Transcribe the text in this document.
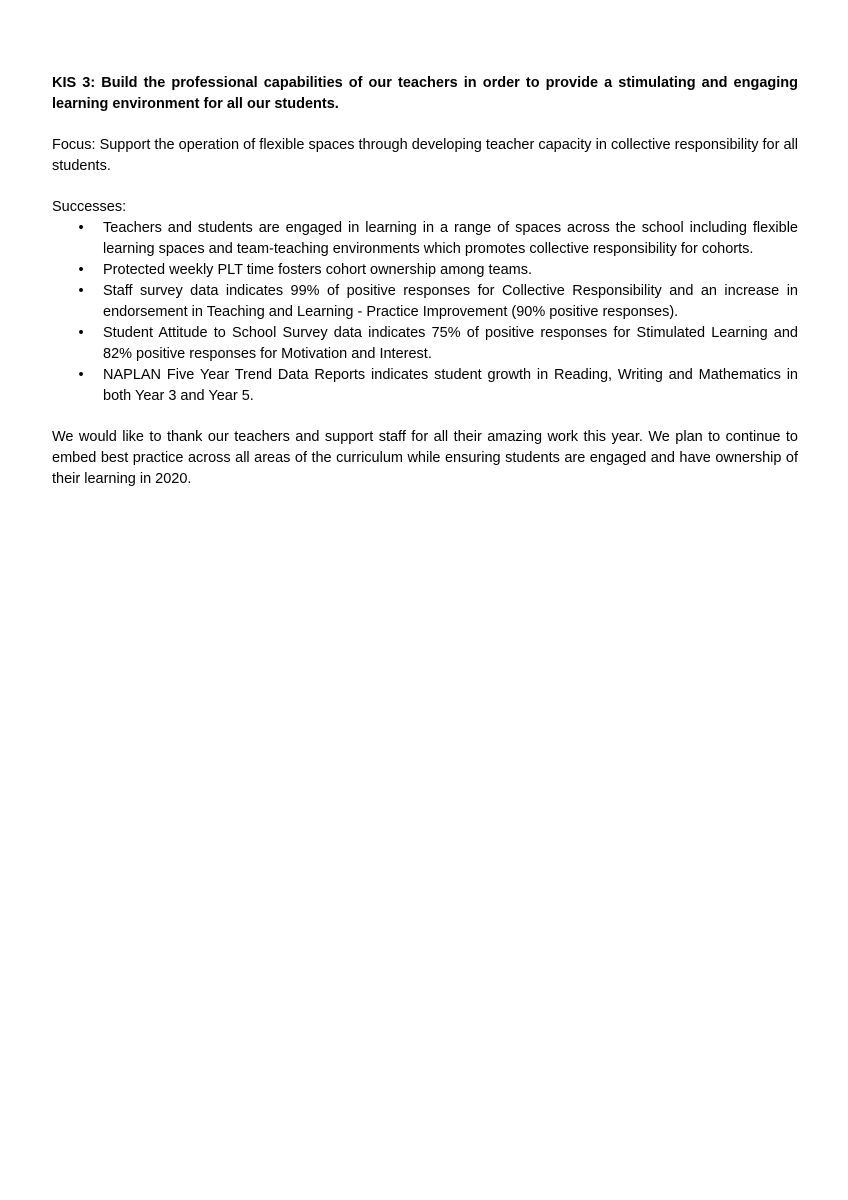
KIS 3: Build the professional capabilities of our teachers in order to provide a stimulating and engaging learning environment for all our students.

Focus: Support the operation of flexible spaces through developing teacher capacity in collective responsibility for all students.

Successes:

• Teachers and students are engaged in learning in a range of spaces across the school including flexible learning spaces and team-teaching environments which promotes collective responsibility for cohorts.
• Protected weekly PLT time fosters cohort ownership among teams.
• Staff survey data indicates 99% of positive responses for Collective Responsibility and an increase in endorsement in Teaching and Learning - Practice Improvement (90% positive responses).
• Student Attitude to School Survey data indicates 75% of positive responses for Stimulated Learning and 82% positive responses for Motivation and Interest.
• NAPLAN Five Year Trend Data Reports indicates student growth in Reading, Writing and Mathematics in both Year 3 and Year 5.

We would like to thank our teachers and support staff for all their amazing work this year. We plan to continue to embed best practice across all areas of the curriculum while ensuring students are engaged and have ownership of their learning in 2020.
